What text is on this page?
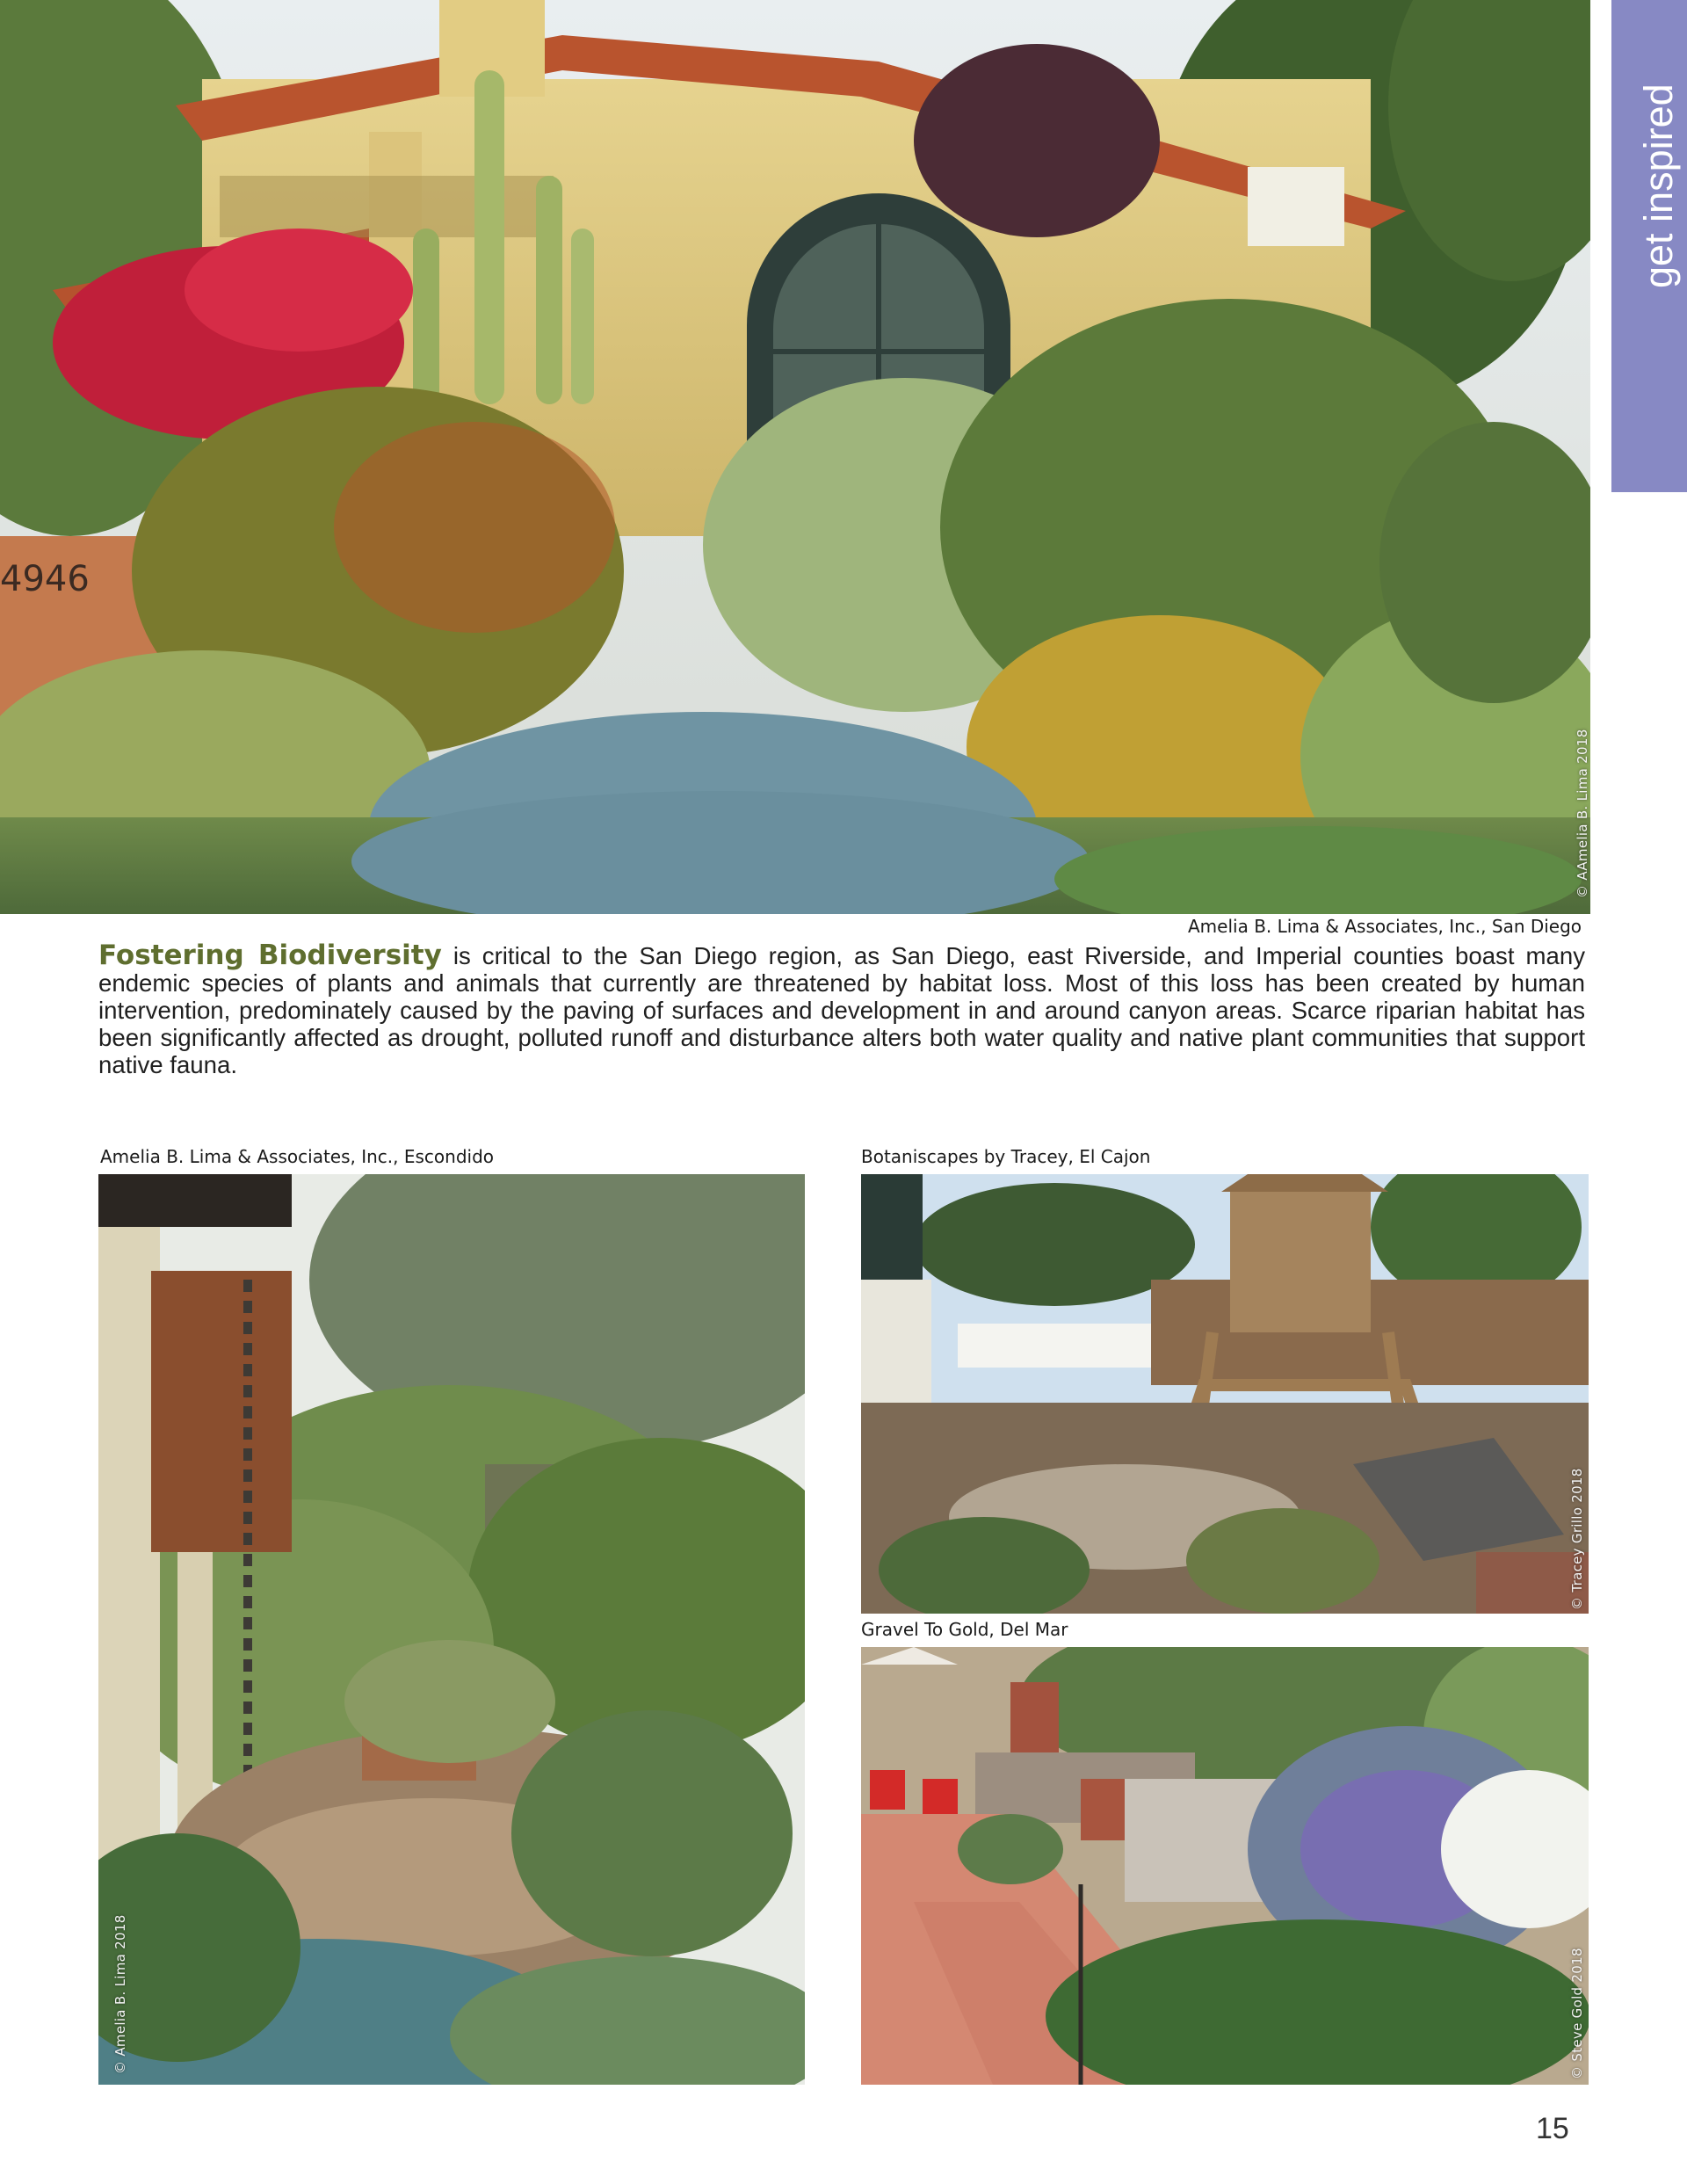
get inspired
4946
© AAmelia B. Lima 2018
Amelia B. Lima & Associates, Inc., San Diego
Fostering Biodiversity is critical to the San Diego region, as San Diego, east Riverside, and Imperial counties boast many endemic species of plants and animals that currently are threatened by habitat loss. Most of this loss has been created by human intervention, predominately caused by the paving of surfaces and development in and around canyon areas. Scarce riparian habitat has been significantly affected as drought, polluted runoff and disturbance alters both water quality and native plant communities that support native fauna.
Amelia B. Lima & Associates, Inc., Escondido
© Amelia B. Lima 2018
Botaniscapes by Tracey, El Cajon
© Tracey Grillo 2018
Gravel To Gold, Del Mar
© Steve Gold 2018
15
